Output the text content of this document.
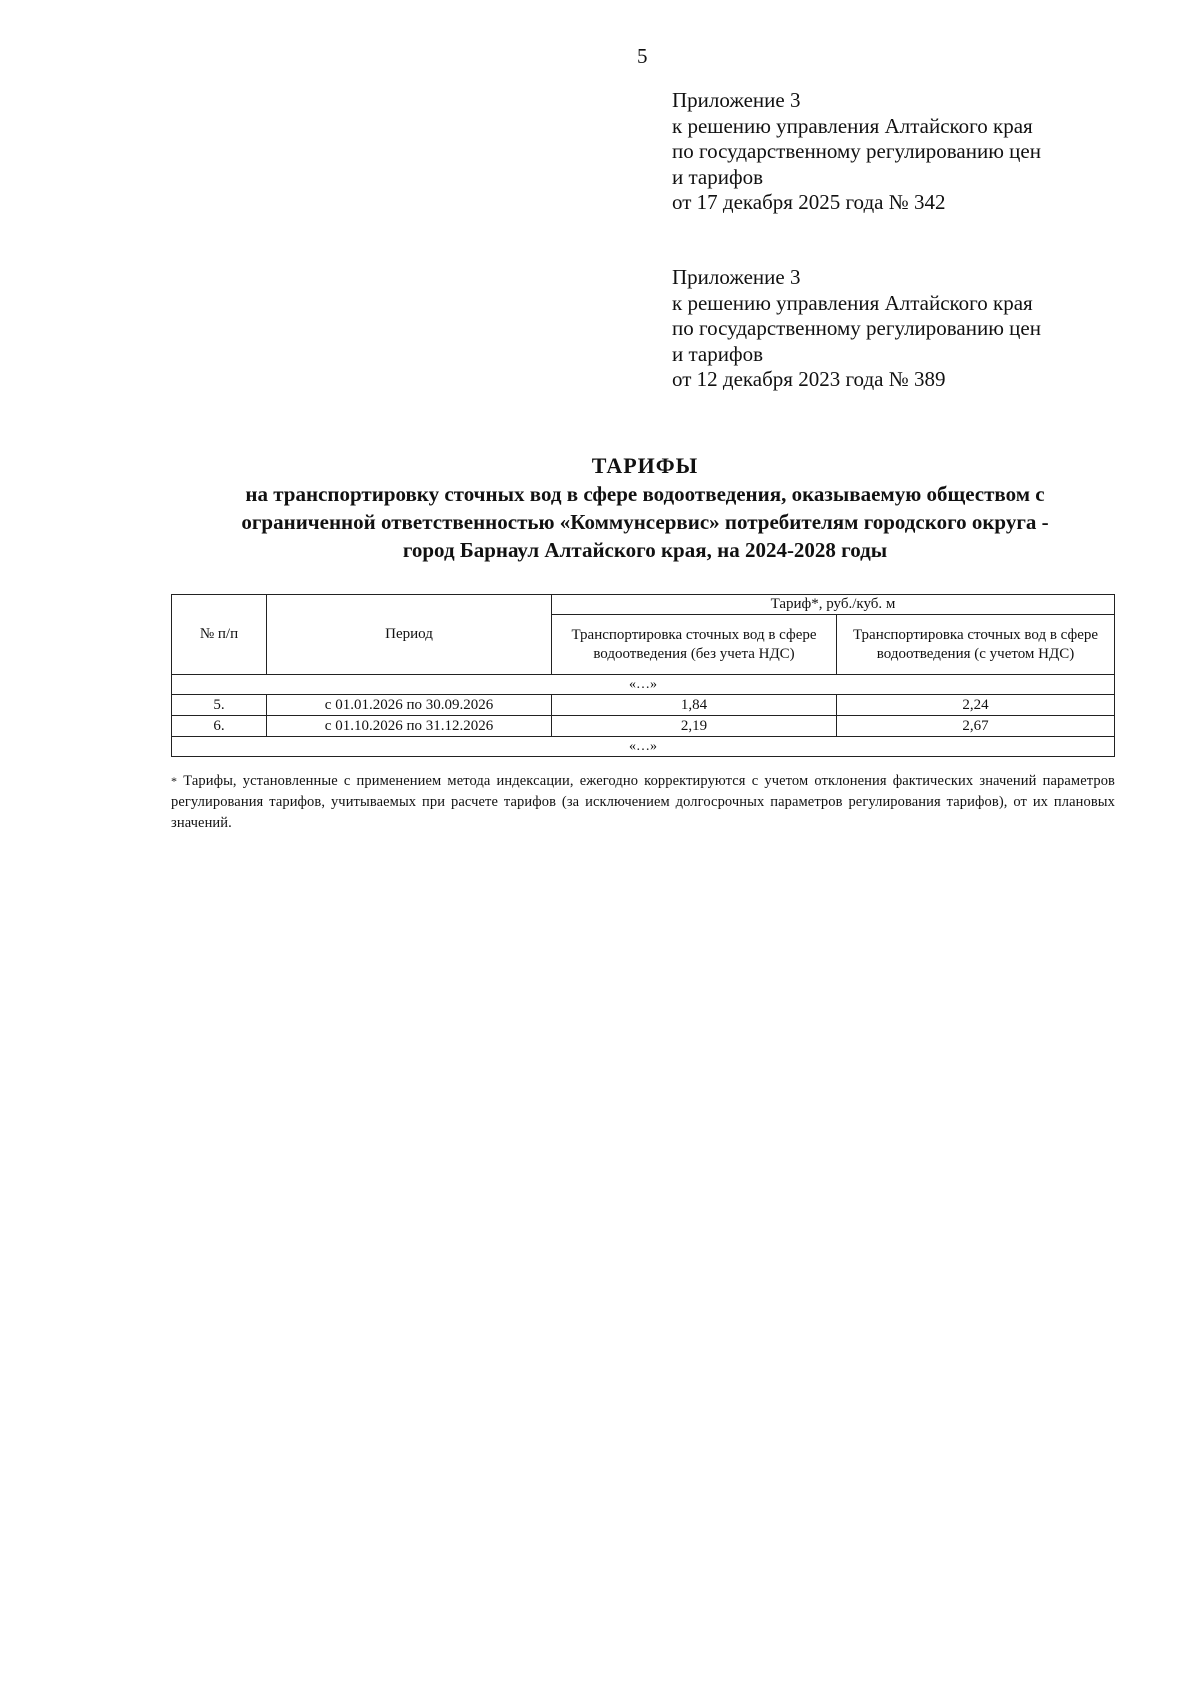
5
Приложение 3
к решению управления Алтайского края
по государственному регулированию цен
и тарифов
от 17 декабря 2025 года № 342
Приложение 3
к решению управления Алтайского края
по государственному регулированию цен
и тарифов
от 12 декабря 2023 года № 389
ТАРИФЫ
на транспортировку сточных вод в сфере водоотведения, оказываемую обществом с
ограниченной ответственностью «Коммунсервис» потребителям городского округа -
город Барнаул Алтайского края, на 2024-2028 годы
№ п/п	Период	Тариф*, руб./куб. м	
		Транспортировка сточных вод в сфере водоотведения (без учета НДС)	Транспортировка сточных вод в сфере водоотведения (с учетом НДС)
«…»			
5.	с 01.01.2026 по 30.09.2026	1,84	2,24
6.	с 01.10.2026 по 31.12.2026	2,19	2,67
«…»			
* Тарифы, установленные с применением метода индексации, ежегодно корректируются с учетом отклонения фактических значений параметров регулирования тарифов, учитываемых при расчете тарифов (за исключением долгосрочных параметров регулирования тарифов), от их плановых значений.
